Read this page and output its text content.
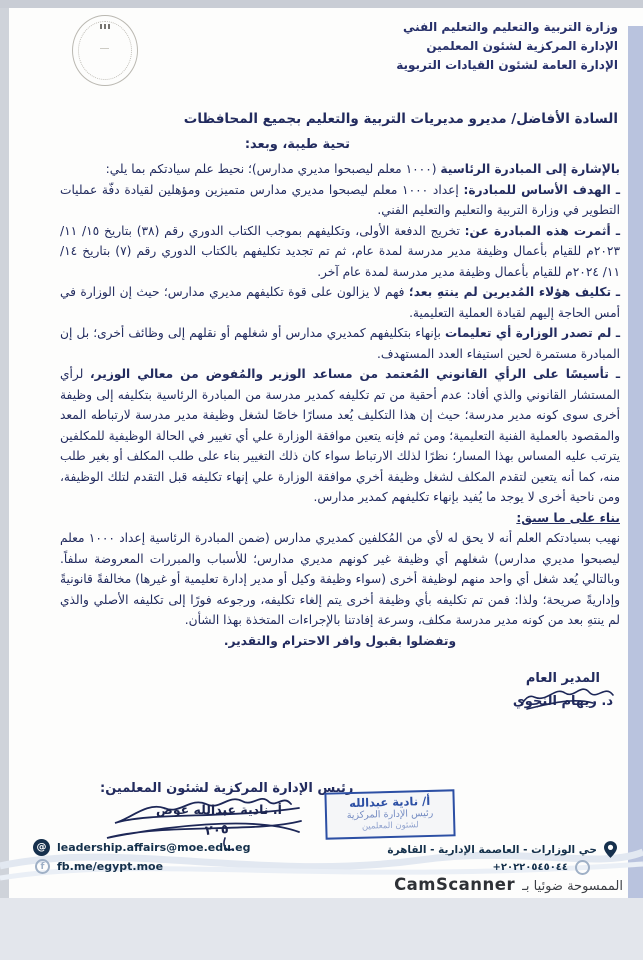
وزارة التربية والتعليم والتعليم الفني
الإدارة المركزية لشئون المعلمين
الإدارة العامة لشئون القيادات التربوية
السادة الأفاضل/ مديرو مديريات التربية والتعليم بجميع المحافظات
تحية طيبة، وبعد:

بالإشارة إلى المبادرة الرئاسية (١٠٠٠ معلم ليصبحوا مديري مدارس)؛ نحيط علم سيادتكم بما يلي:

ـ الهدف الأساس للمبادرة: إعداد ١٠٠٠ معلم ليصبحوا مديري مدارس متميزين ومؤهلين لقيادة دفّة عمليات التطوير في وزارة التربية والتعليم والتعليم الفني.

ـ أثمرت هذه المبادرة عن: تخريج الدفعة الأولى، وتكليفهم بموجب الكتاب الدوري رقم (٣٨) بتاريخ ١٥/ ١١/ ٢٠٢٣م للقيام بأعمال وظيفة مدير مدرسة لمدة عام، ثم تم تجديد تكليفهم بالكتاب الدوري رقم (٧) بتاريخ ١٤/ ١١/ ٢٠٢٤م للقيام بأعمال وظيفة مدير مدرسة لمدة عام آخر.

ـ تكليف هؤلاء المُديرين لم ينتهِ بعد؛ فهم لا يزالون على قوة تكليفهم مديري مدارس؛ حيث إن الوزارة في أمس الحاجة إليهم لقيادة العملية التعليمية.

ـ لم تصدر الوزارة أي تعليمات بإنهاء بتكليفهم كمديري مدارس أو شغلهم أو نقلهم إلى وظائف أخرى؛ بل إن المبادرة مستمرة لحين استيفاء العدد المستهدف.

ـ تأسيسًا على الرأي القانوني المُعتمد من مساعد الوزير والمُفوض من معالي الوزير، لرأي المستشار القانوني والذي أفاد: عدم أحقية من تم تكليفه كمدير مدرسة من المبادرة الرئاسية بتكليفه إلى وظيفة أخرى سوى كونه مدير مدرسة؛ حيث إن هذا التكليف يُعد مسارًا خاصًا لشغل وظيفة مدير مدرسة لارتباطه المعد والمقصود بالعملية الفنية التعليمية؛ ومن ثم فإنه يتعين موافقة الوزارة علي أي تغيير في الحالة الوظيفية للمكلفين يترتب عليه المساس بهذا المسار؛ نظرًا لذلك الارتباط سواء كان ذلك التغيير بناء على طلب المكلف أو بغير طلب منه، كما أنه يتعين لتقدم المكلف لشغل وظيفة أخري موافقة الوزارة علي إنهاء تكليفه قبل التقدم لتلك الوظيفة، ومن ناحية أخرى لا يوجد ما يُفيد بإنهاء تكليفهم كمدير مدارس.

بناء على ما سبق:

نهيب بسيادتكم العلم أنه لا يحق له لأي من المُكلفين كمديري مدارس (ضمن المبادرة الرئاسية إعداد ١٠٠٠ معلم ليصبحوا مديري مدارس) شغلهم أي وظيفة غير كونهم مديري مدارس؛ للأسباب والمبررات المعروضة سلفاً. وبالتالي يُعد شغل أي واحد منهم لوظيفة أخرى (سواء وظيفة وكيل أو مدير إدارة تعليمية أو غيرها) مخالفةً قانونيةً وإداريةً صريحة؛ ولذا: فمن تم تكليفه بأي وظيفة أخرى يتم إلغاء تكليفه، ورجوعه فورًا إلى تكليفه الأصلي والذي لم ينتهِ بعد من كونه مدير مدرسة مكلف، وسرعة إفادتنا بالإجراءات المتخذة بهذا الشأن.

وتفضلوا بقبول وافر الاحترام والتقدير.

المدير العام
د. ريهام النجوي
رئيس الإدارة المركزية لشئون المعلمين:
أ. نادية عبدالله عوض
٢٠٥
أ/ نادية عبدالله
رئيس الإدارة المركزية
لشئون المعلمين
@ leadership.affairs@moe.edu.eg
f	fb.me/egypt.moe
حي الوزارات - العاصمة الإدارية - القاهرة
+٢٠٢٢٠٥٤٥٠٤٤
الممسوحة ضوئيا بـ
CamScanner
